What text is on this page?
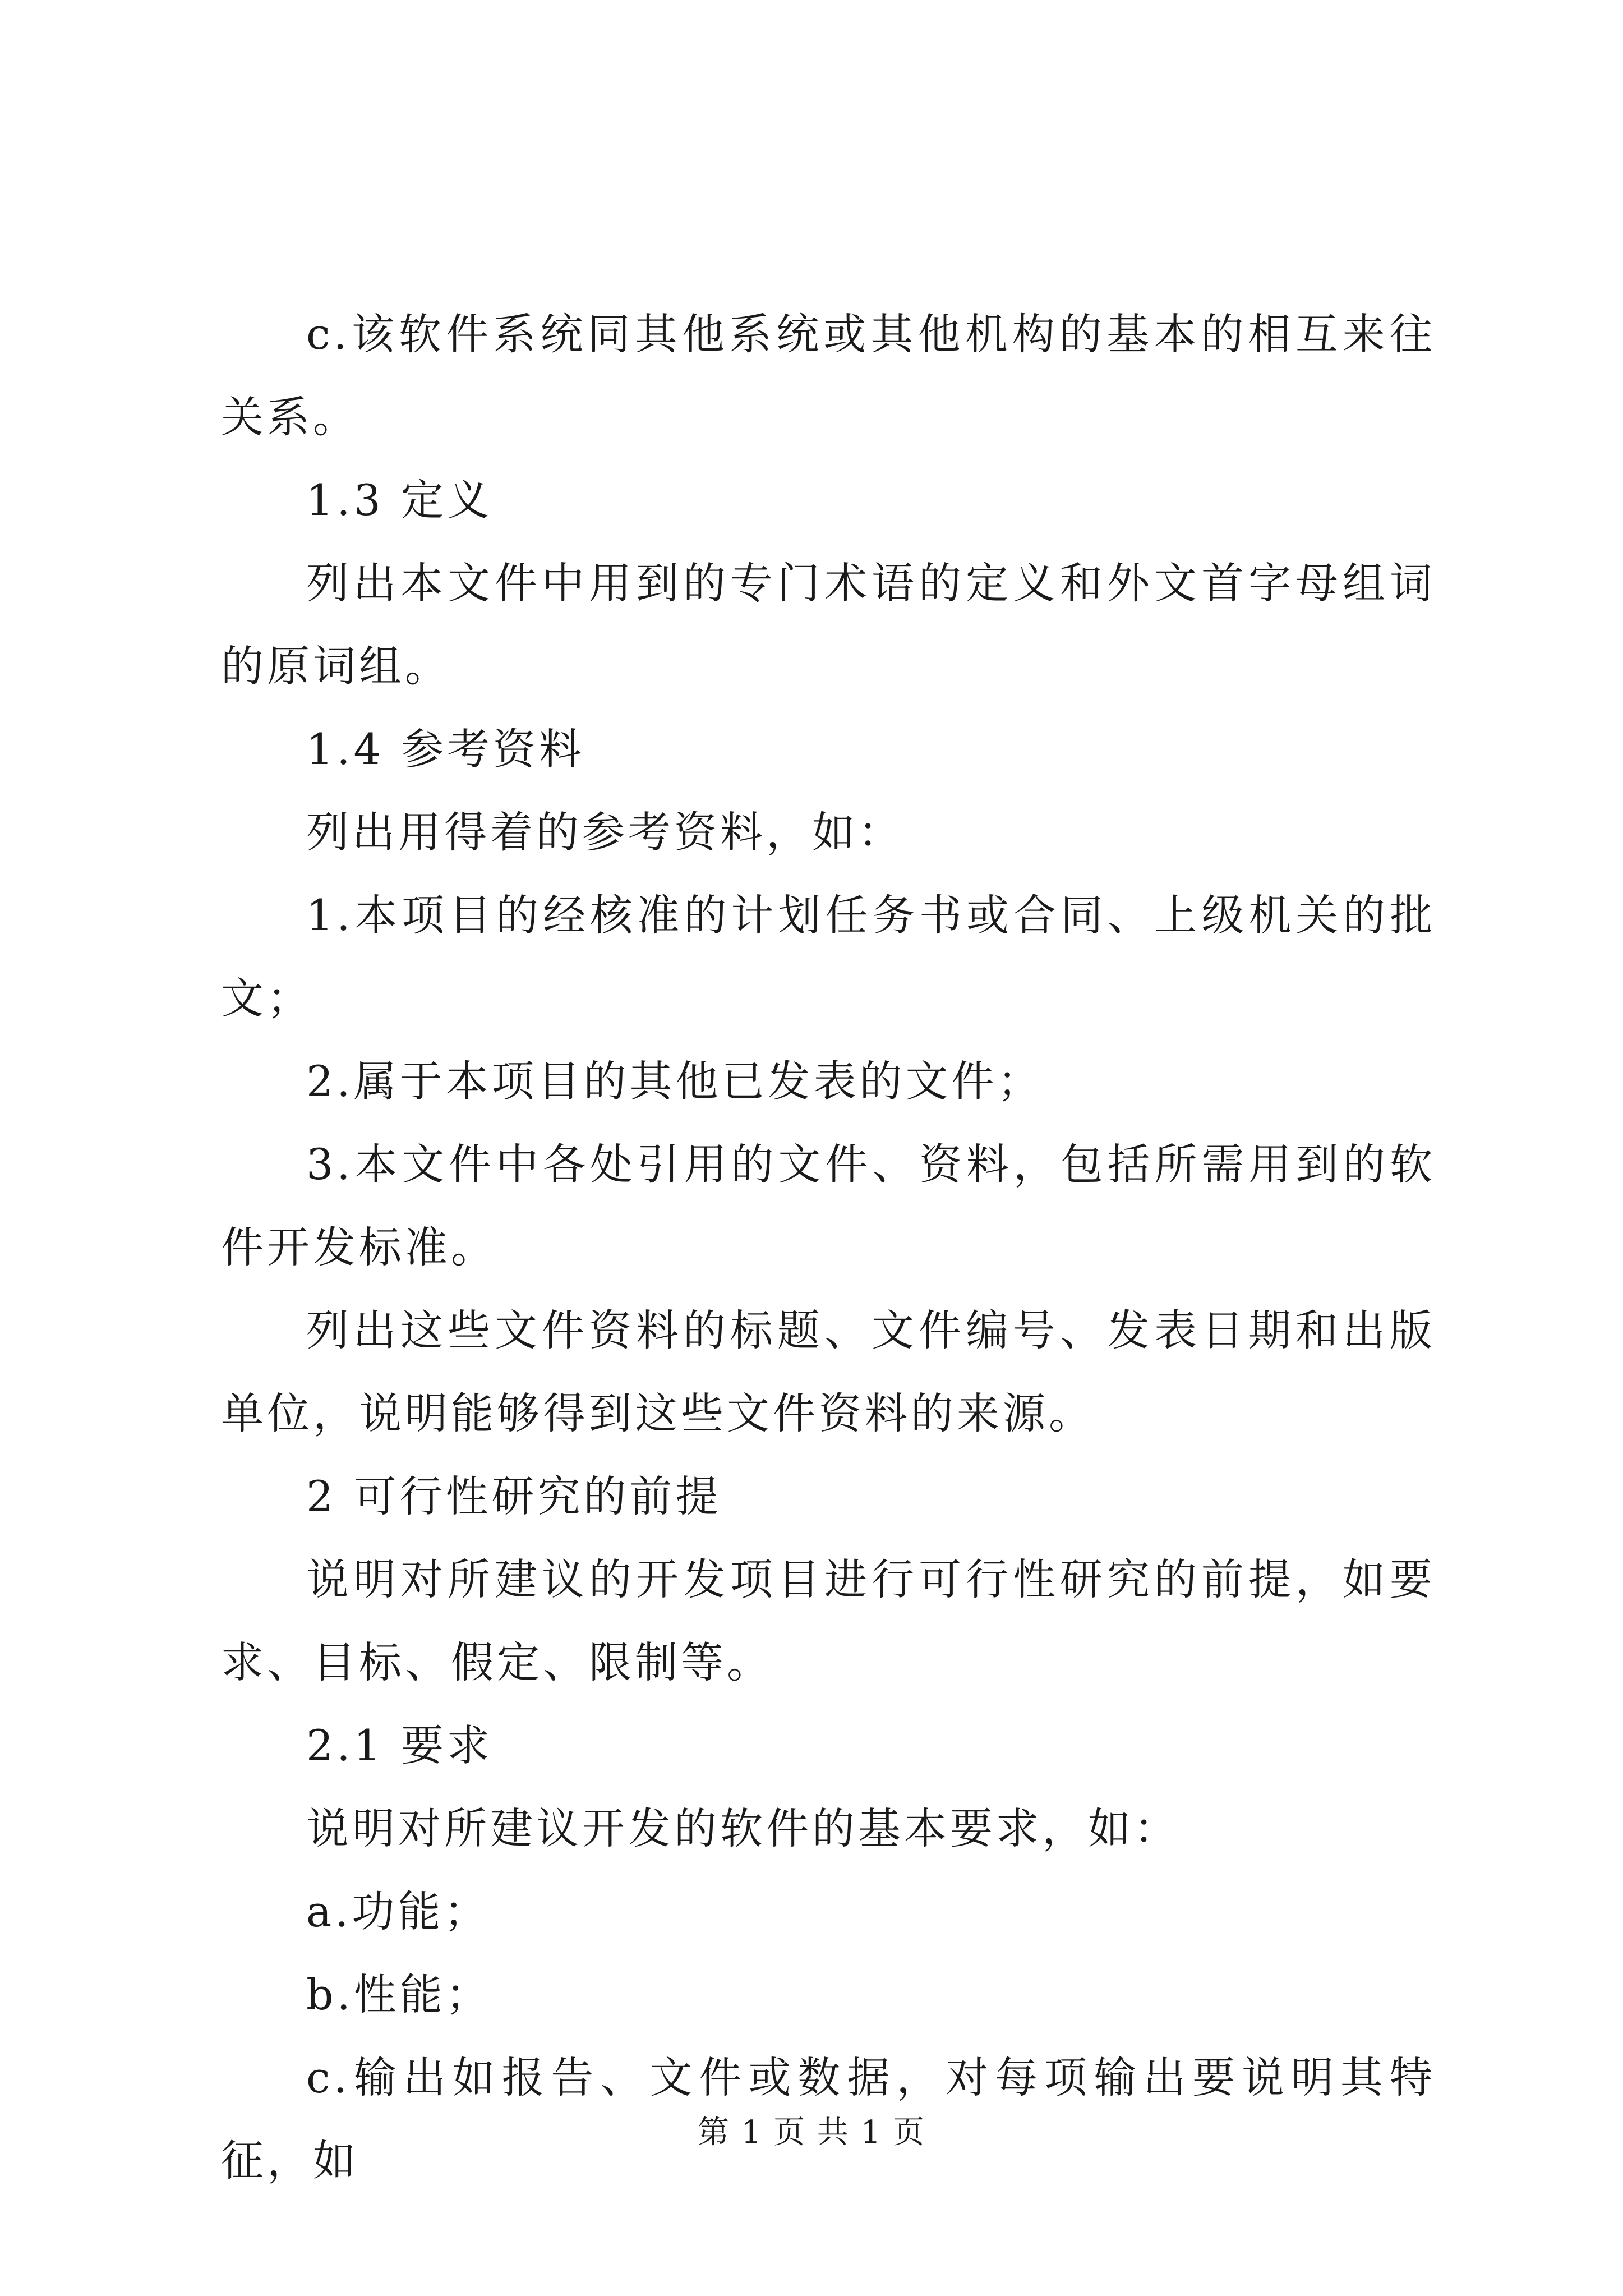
c.该软件系统同其他系统或其他机构的基本的相互来往关系。

1.3 定义

列出本文件中用到的专门术语的定义和外文首字母组词的原词组。

1.4 参考资料

列出用得着的参考资料，如：

1.本项目的经核准的计划任务书或合同、上级机关的批文；

2.属于本项目的其他已发表的文件；

3.本文件中各处引用的文件、资料，包括所需用到的软件开发标准。

列出这些文件资料的标题、文件编号、发表日期和出版单位，说明能够得到这些文件资料的来源。

2 可行性研究的前提

说明对所建议的开发项目进行可行性研究的前提，如要求、目标、假定、限制等。

2.1 要求

说明对所建议开发的软件的基本要求，如：

a.功能；

b.性能；

c.输出如报告、文件或数据，对每项输出要说明其特征，如

第 1 页 共 1 页
